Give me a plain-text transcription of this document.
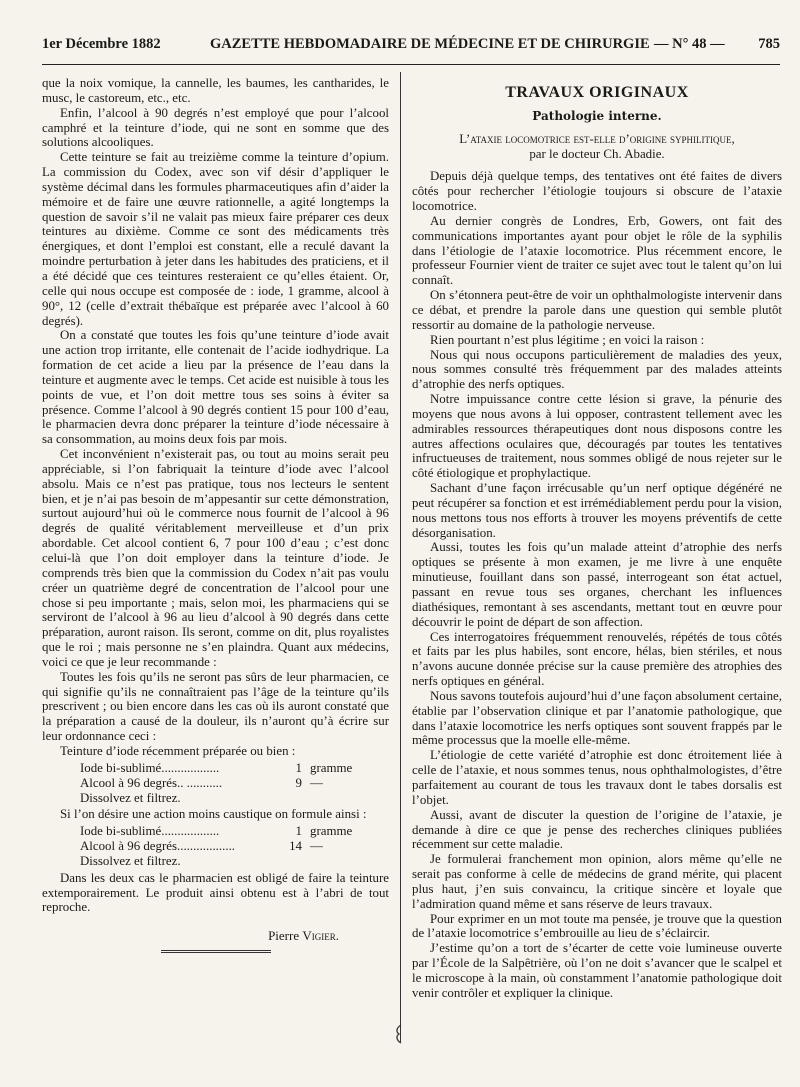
1er Décembre 1882	GAZETTE HEBDOMADAIRE DE MÉDECINE ET DE CHIRURGIE — N° 48 — 785

que la noix vomique, la cannelle, les baumes, les cantharides, le musc, le castoreum, etc., etc.

Enfin, l’alcool à 90 degrés n’est employé que pour l’alcool camphré et la teinture d’iode, qui ne sont en somme que des solutions alcooliques.

Cette teinture se fait au treizième comme la teinture d’opium. La commission du Codex, avec son vif désir d’appliquer le système décimal dans les formules pharmaceutiques afin d’aider la mémoire et de faire une œuvre rationnelle, a agité longtemps la question de savoir s’il ne valait pas mieux faire préparer ces deux teintures au dixième. Comme ce sont des médicaments très énergiques, et dont l’emploi est constant, elle a reculé davant la moindre perturbation à jeter dans les habitudes des praticiens, et il a été décidé que ces teintures resteraient ce qu’elles étaient. Or, celle qui nous occupe est composée de : iode, 1 gramme, alcool à 90°, 12 (celle d’extrait thébaïque est préparée avec l’alcool à 60 degrés).

On a constaté que toutes les fois qu’une teinture d’iode avait une action trop irritante, elle contenait de l’acide iodhydrique. La formation de cet acide a lieu par la présence de l’eau dans la teinture et augmente avec le temps. Cet acide est nuisible à tous les points de vue, et l’on doit mettre tous ses soins à éviter sa présence. Comme l’alcool à 90 degrés contient 15 pour 100 d’eau, le pharmacien devra donc préparer la teinture d’iode nécessaire à sa consommation, au moins deux fois par mois.

Cet inconvénient n’existerait pas, ou tout au moins serait peu appréciable, si l’on fabriquait la teinture d’iode avec l’alcool absolu. Mais ce n’est pas pratique, tous nos lecteurs le sentent bien, et je n’ai pas besoin de m’appesantir sur cette démonstration, surtout aujourd’hui où le commerce nous fournit de l’alcool à 96 degrés de qualité véritablement merveilleuse et d’un prix abordable. Cet alcool contient 6, 7 pour 100 d’eau ; c’est donc celui-là que l’on doit employer dans la teinture d’iode. Je comprends très bien que la commission du Codex n’ait pas voulu créer un quatrième degré de concentration de l’alcool pour une chose si peu importante ; mais, selon moi, les pharmaciens qui se serviront de l’alcool à 96 au lieu d’alcool à 90 degrés dans cette préparation, auront raison. Ils seront, comme on dit, plus royalistes que le roi ; mais personne ne s’en plaindra. Quant aux médecins, voici ce que je leur recommande :

Toutes les fois qu’ils ne seront pas sûrs de leur pharmacien, ce qui signifie qu’ils ne connaîtraient pas l’âge de la teinture qu’ils prescrivent ; ou bien encore dans les cas où ils auront constaté que la préparation a causé de la douleur, ils n’auront qu’à écrire sur leur ordonnance ceci :

Teinture d’iode récemment préparée ou bien :

Iode bi-sublimé..................	1 gramme
Alcool à 96 degrés.. ...........	9 —
Dissolvez et filtrez.

Si l’on désire une action moins caustique on formule ainsi :

Iode bi-sublimé..................	1 gramme
Alcool à 96 degrés..................	14 —
Dissolvez et filtrez.

Dans les deux cas le pharmacien est obligé de faire la teinture extemporairement. Le produit ainsi obtenu est à l’abri de tout reproche.

Pierre Vigier.
TRAVAUX ORIGINAUX
Pathologie interne.

L’ataxie locomotrice est-elle d’origine syphilitique,

par le docteur Ch. Abadie.

Depuis déjà quelque temps, des tentatives ont été faites de divers côtés pour rechercher l’étiologie toujours si obscure de l’ataxie locomotrice.

Au dernier congrès de Londres, Erb, Gowers, ont fait des communications importantes ayant pour objet le rôle de la syphilis dans l’étiologie de l’ataxie locomotrice. Plus récemment encore, le professeur Fournier vient de traiter ce sujet avec tout le talent qu’on lui connaît.

On s’étonnera peut-être de voir un ophthalmologiste intervenir dans ce débat, et prendre la parole dans une question qui semble plutôt ressortir au domaine de la pathologie nerveuse.

Rien pourtant n’est plus légitime ; en voici la raison :

Nous qui nous occupons particulièrement de maladies des yeux, nous sommes consulté très fréquemment par des malades atteints d’atrophie des nerfs optiques.

Notre impuissance contre cette lésion si grave, la pénurie des moyens que nous avons à lui opposer, contrastent tellement avec les admirables ressources thérapeutiques dont nous disposons contre les autres affections oculaires que, découragés par toutes les tentatives infructueuses de traitement, nous sommes obligé de nous rejeter sur le côté étiologique et prophylactique.

Sachant d’une façon irrécusable qu’un nerf optique dégénéré ne peut récupérer sa fonction et est irrémédiablement perdu pour la vision, nous mettons tous nos efforts à trouver les moyens préventifs de cette désorganisation.

Aussi, toutes les fois qu’un malade atteint d’atrophie des nerfs optiques se présente à mon examen, je me livre à une enquête minutieuse, fouillant dans son passé, interrogeant son état actuel, passant en revue tous ses organes, cherchant les influences diathésiques, remontant à ses ascendants, mettant tout en œuvre pour découvrir le point de départ de son affection.

Ces interrogatoires fréquemment renouvelés, répétés de tous côtés et faits par les plus habiles, sont encore, hélas, bien stériles, et nous n’avons aucune donnée précise sur la cause première des atrophies des nerfs optiques en général.

Nous savons toutefois aujourd’hui d’une façon absolument certaine, établie par l’observation clinique et par l’anatomie pathologique, que dans l’ataxie locomotrice les nerfs optiques sont souvent frappés par le même processus que la moelle elle-même.

L’étiologie de cette variété d’atrophie est donc étroitement liée à celle de l’ataxie, et nous sommes tenus, nous ophthalmologistes, d’être parfaitement au courant de tous les travaux dont le tabes dorsalis est l’objet.

Aussi, avant de discuter la question de l’origine de l’ataxie, je demande à dire ce que je pense des recherches cliniques publiées récemment sur cette maladie.

Je formulerai franchement mon opinion, alors même qu’elle ne serait pas conforme à celle de médecins de grand mérite, qui placent plus haut, j’en suis convaincu, la critique sincère et loyale que l’admiration quand même et sans réserve de leurs travaux.

Pour exprimer en un mot toute ma pensée, je trouve que la question de l’ataxie locomotrice s’embrouille au lieu de s’éclaircir.

J’estime qu’on a tort de s’écarter de cette voie lumineuse ouverte par l’École de la Salpêtrière, où l’on ne doit s’avancer que le scalpel et le microscope à la main, où constamment l’anatomie pathologique doit venir contrôler et expliquer la clinique.
